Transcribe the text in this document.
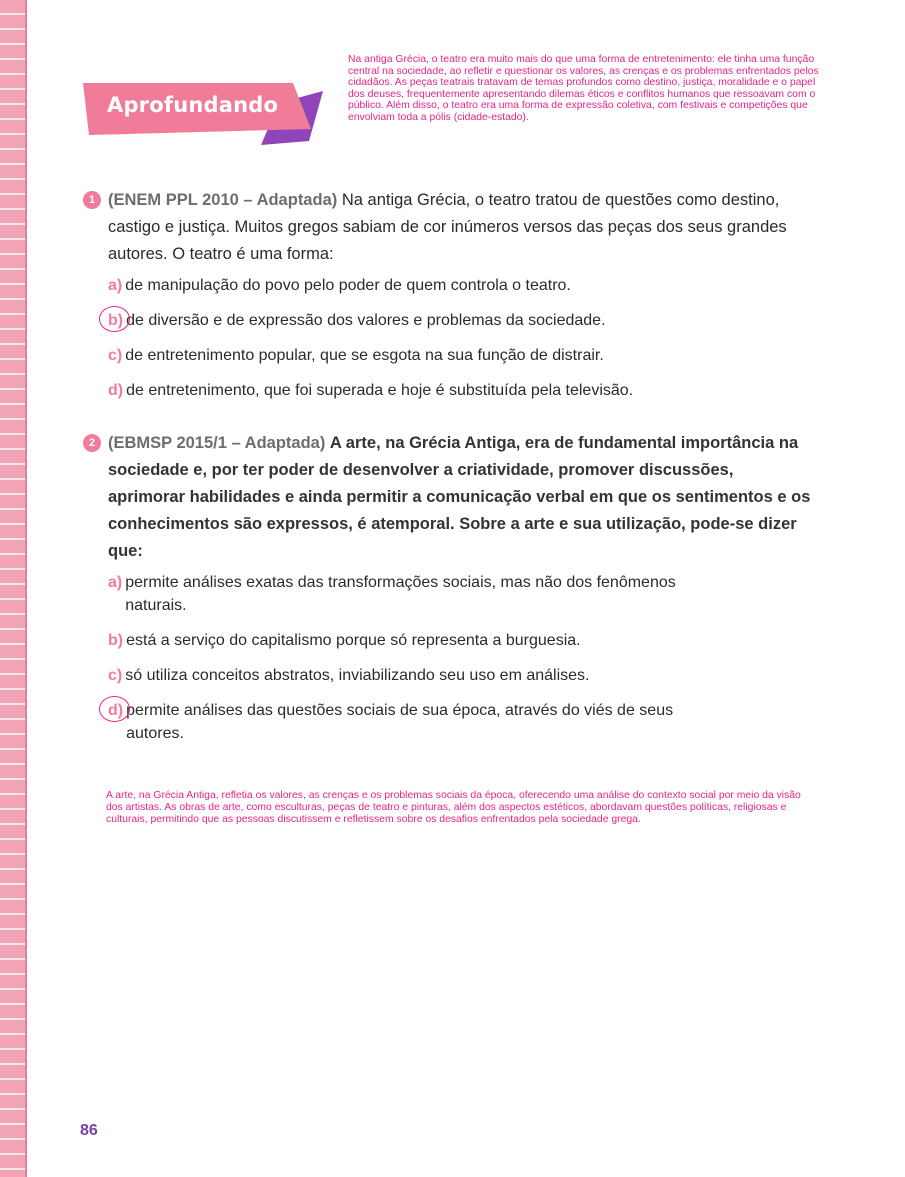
Aprofundando
Na antiga Grécia, o teatro era muito mais do que uma forma de entretenimento: ele tinha uma função central na sociedade, ao refletir e questionar os valores, as crenças e os problemas enfrentados pelos cidadãos. As peças teatrais tratavam de temas profundos como destino, justiça, moralidade e o papel dos deuses, frequentemente apresentando dilemas éticos e conflitos humanos que ressoavam com o público. Além disso, o teatro era uma forma de expressão coletiva, com festivais e competições que envolviam toda a pólis (cidade-estado).
1 (ENEM PPL 2010 – Adaptada) Na antiga Grécia, o teatro tratou de questões como destino, castigo e justiça. Muitos gregos sabiam de cor inúmeros versos das peças dos seus grandes autores. O teatro é uma forma:
a) de manipulação do povo pelo poder de quem controla o teatro.
b) de diversão e de expressão dos valores e problemas da sociedade.
c) de entretenimento popular, que se esgota na sua função de distrair.
d) de entretenimento, que foi superada e hoje é substituída pela televisão.
2 (EBMSP 2015/1 – Adaptada) A arte, na Grécia Antiga, era de fundamental importância na sociedade e, por ter poder de desenvolver a criatividade, promover discussões, aprimorar habilidades e ainda permitir a comunicação verbal em que os sentimentos e os conhecimentos são expressos, é atemporal. Sobre a arte e sua utilização, pode-se dizer que:
a) permite análises exatas das transformações sociais, mas não dos fenômenos naturais.
b) está a serviço do capitalismo porque só representa a burguesia.
c) só utiliza conceitos abstratos, inviabilizando seu uso em análises.
d) permite análises das questões sociais de sua época, através do viés de seus autores.
A arte, na Grécia Antiga, refletia os valores, as crenças e os problemas sociais da época, oferecendo uma análise do contexto social por meio da visão dos artistas. As obras de arte, como esculturas, peças de teatro e pinturas, além dos aspectos estéticos, abordavam questões políticas, religiosas e culturais, permitindo que as pessoas discutissem e refletissem sobre os desafios enfrentados pela sociedade grega.
86
